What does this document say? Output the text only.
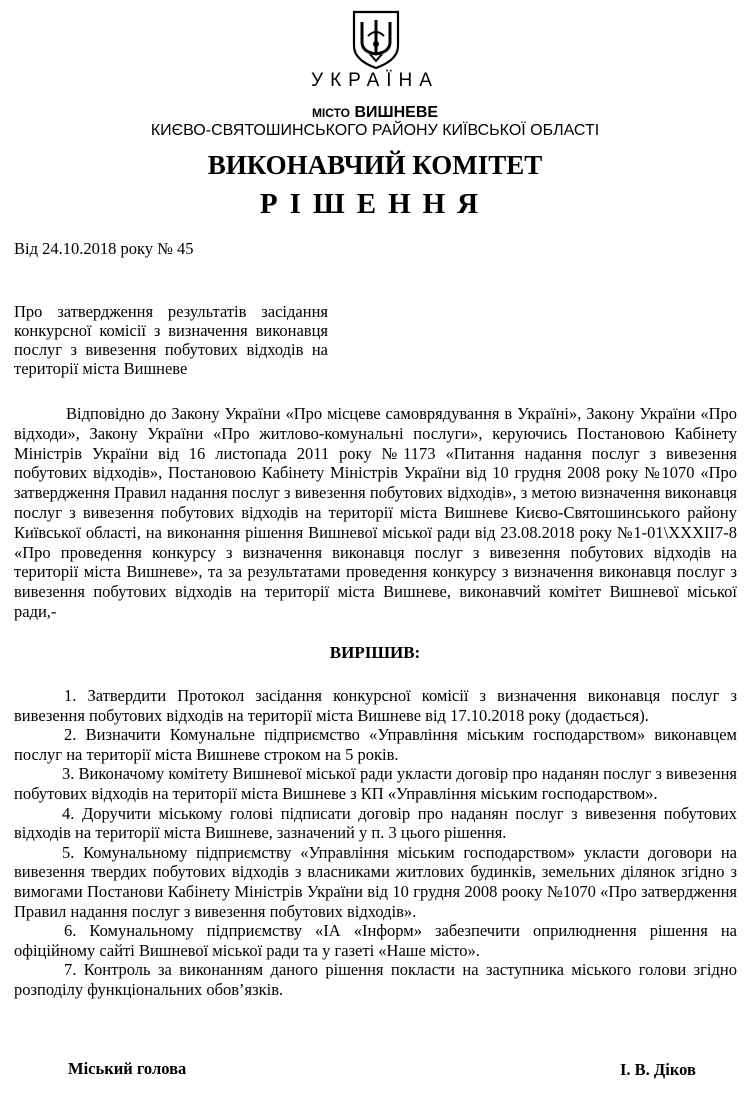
УКРАЇНА
МІСТО ВИШНЕВЕ
КИЄВО-СВЯТОШИНСЬКОГО РАЙОНУ КИЇВСЬКОЇ ОБЛАСТІ
ВИКОНАВЧИЙ КОМІТЕТ
РІШЕННЯ
Від 24.10.2018 року № 45
Про затвердження результатів засідання конкурсної комісії з визначення виконавця послуг з вивезення побутових відходів на території міста Вишневе
Відповідно до Закону України «Про місцеве самоврядування в Україні», Закону України «Про відходи», Закону України «Про житлово-комунальні послуги», керуючись Постановою Кабінету Міністрів України від 16 листопада 2011 року №1173 «Питання надання послуг з вивезення побутових відходів», Постановою Кабінету Міністрів України від 10 грудня 2008 року №1070 «Про затвердження Правил надання послуг з вивезення побутових відходів», з метою визначення виконавця послуг з вивезення побутових відходів на території міста Вишневе Києво-Святошинського району Київської області, на виконання рішення Вишневої міської ради від 23.08.2018 року №1-01\XXXII7-8 «Про проведення конкурсу з визначення виконавця послуг з вивезення побутових відходів на території міста Вишневе», та за результатами проведення конкурсу з визначення виконавця послуг з вивезення побутових відходів на території міста Вишневе, виконавчий комітет Вишневої міської ради,-
ВИРІШИВ:

1. Затвердити Протокол засідання конкурсної комісії з визначення виконавця послуг з вивезення побутових відходів на території міста Вишневе від 17.10.2018 року (додається).

2. Визначити Комунальне підприємство «Управління міським господарством» виконавцем послуг на території міста Вишневе строком на 5 років.

3. Виконачому комітету Вишневої міської ради укласти договір про наданян послуг з вивезення побутових відходів на території міста Вишневе з КП «Управління міським господарством».

4. Доручити міському голові підписати договір про наданян послуг з вивезення побутових відходів на території міста Вишневе, зазначений у п. 3 цього рішення.

5. Комунальному підприємству «Управління міським господарством» укласти договори на вивезення твердих побутових відходів з власниками житлових будинків, земельних ділянок згідно з вимогами Постанови Кабінету Міністрів України від 10 грудня 2008 рооку №1070 «Про затвердження Правил надання послуг з вивезення побутових відходів».

6. Комунальному підприємству «ІА «Інформ» забезпечити оприлюднення рішення на офіційному сайті Вишневої міської ради та у газеті «Наше місто».

7. Контроль за виконанням даного рішення покласти на заступника міського голови згідно розподілу функціональних обов’язків.

Міський голова	І. В. Діков
